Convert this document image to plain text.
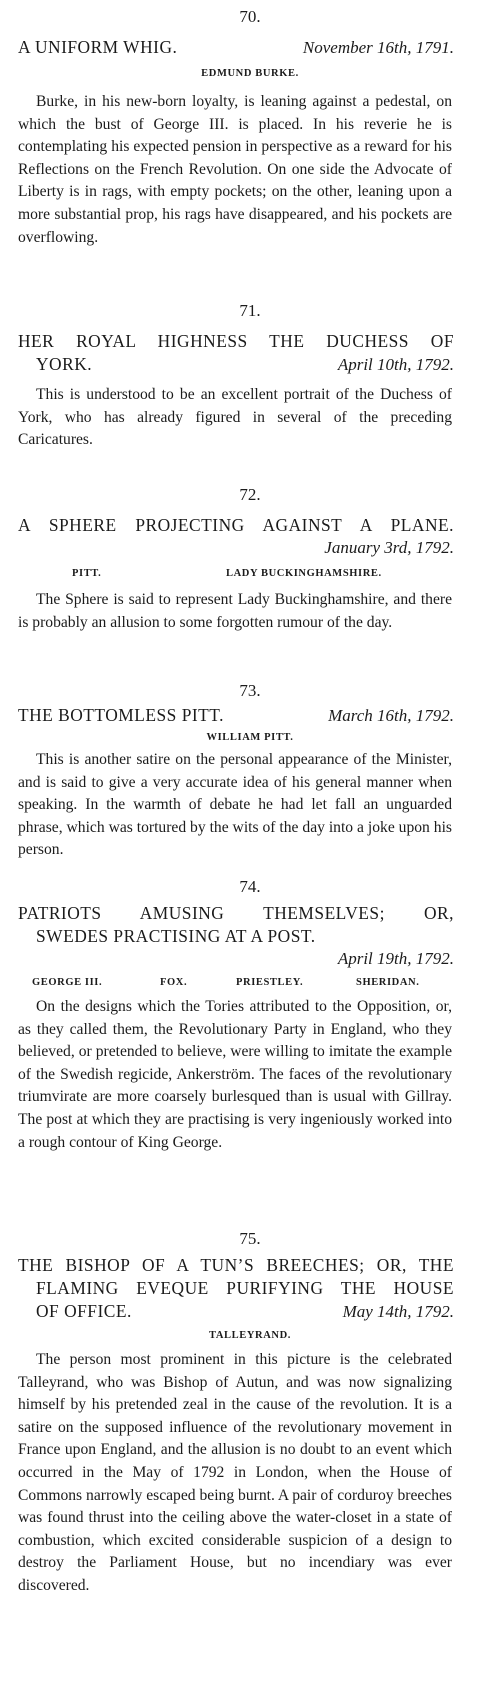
70.
A UNIFORM WHIG.	November 16th, 1791.
EDMUND BURKE.
Burke, in his new-born loyalty, is leaning against a pedestal, on which the bust of George III. is placed. In his reverie he is contemplating his expected pension in perspective as a reward for his Reflections on the French Revolution. On one side the Advocate of Liberty is in rags, with empty pockets; on the other, leaning upon a more substantial prop, his rags have disappeared, and his pockets are overflowing.
71.
HER ROYAL HIGHNESS THE DUCHESS OF
YORK.	April 10th, 1792.
This is understood to be an excellent portrait of the Duchess of York, who has already figured in several of the preceding Caricatures.
72.
A SPHERE PROJECTING AGAINST A PLANE.
January 3rd, 1792.
PITT.	LADY BUCKINGHAMSHIRE.
The Sphere is said to represent Lady Buckinghamshire, and there is probably an allusion to some forgotten rumour of the day.
73.
THE BOTTOMLESS PITT.	March 16th, 1792.
WILLIAM PITT.
This is another satire on the personal appearance of the Minister, and is said to give a very accurate idea of his general manner when speaking. In the warmth of debate he had let fall an unguarded phrase, which was tortured by the wits of the day into a joke upon his person.
74.
PATRIOTS AMUSING THEMSELVES; OR,
SWEDES PRACTISING AT A POST.
April 19th, 1792.
GEORGE III.	FOX.	PRIESTLEY.	SHERIDAN.
On the designs which the Tories attributed to the Opposition, or, as they called them, the Revolutionary Party in England, who they believed, or pretended to believe, were willing to imitate the example of the Swedish regicide, Ankerström. The faces of the revolutionary triumvirate are more coarsely burlesqued than is usual with Gillray. The post at which they are practising is very ingeniously worked into a rough contour of King George.
75.
THE BISHOP OF A TUN’S BREECHES; OR, THE
FLAMING EVEQUE PURIFYING THE HOUSE
OF OFFICE.	May 14th, 1792.
TALLEYRAND.
The person most prominent in this picture is the celebrated Talleyrand, who was Bishop of Autun, and was now signalizing himself by his pretended zeal in the cause of the revolution. It is a satire on the supposed influence of the revolutionary movement in France upon England, and the allusion is no doubt to an event which occurred in the May of 1792 in London, when the House of Commons narrowly escaped being burnt. A pair of corduroy breeches was found thrust into the ceiling above the water-closet in a state of combustion, which excited considerable suspicion of a design to destroy the Parliament House, but no incendiary was ever discovered.
